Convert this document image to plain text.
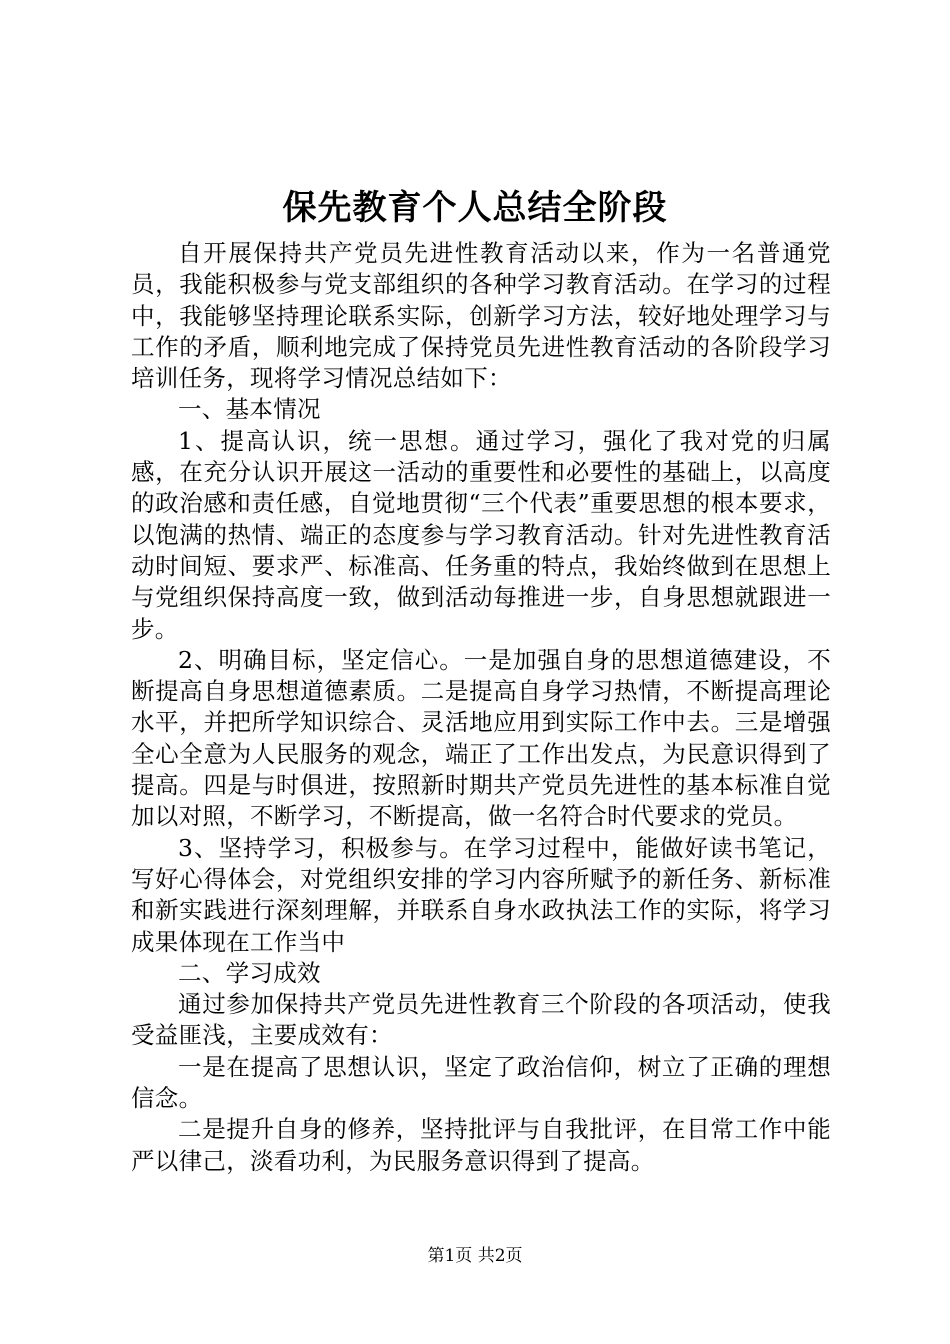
保先教育个人总结全阶段

自开展保持共产党员先进性教育活动以来，作为一名普通党员，我能积极参与党支部组织的各种学习教育活动。在学习的过程中，我能够坚持理论联系实际，创新学习方法，较好地处理学习与工作的矛盾，顺利地完成了保持党员先进性教育活动的各阶段学习培训任务，现将学习情况总结如下：

一、基本情况

1、提高认识，统一思想。通过学习，强化了我对党的归属感，在充分认识开展这一活动的重要性和必要性的基础上，以高度的政治感和责任感，自觉地贯彻“三个代表”重要思想的根本要求，以饱满的热情、端正的态度参与学习教育活动。针对先进性教育活动时间短、要求严、标准高、任务重的特点，我始终做到在思想上与党组织保持高度一致，做到活动每推进一步，自身思想就跟进一步。

2、明确目标，坚定信心。一是加强自身的思想道德建设，不断提高自身思想道德素质。二是提高自身学习热情，不断提高理论水平，并把所学知识综合、灵活地应用到实际工作中去。三是增强全心全意为人民服务的观念，端正了工作出发点，为民意识得到了提高。四是与时俱进，按照新时期共产党员先进性的基本标准自觉加以对照，不断学习，不断提高，做一名符合时代要求的党员。

3、坚持学习，积极参与。在学习过程中，能做好读书笔记，写好心得体会，对党组织安排的学习内容所赋予的新任务、新标准和新实践进行深刻理解，并联系自身水政执法工作的实际，将学习成果体现在工作当中

二、学习成效

通过参加保持共产党员先进性教育三个阶段的各项活动，使我受益匪浅，主要成效有：

一是在提高了思想认识，坚定了政治信仰，树立了正确的理想信念。

二是提升自身的修养，坚持批评与自我批评，在目常工作中能严以律己，淡看功利，为民服务意识得到了提高。

第1页 共2页
